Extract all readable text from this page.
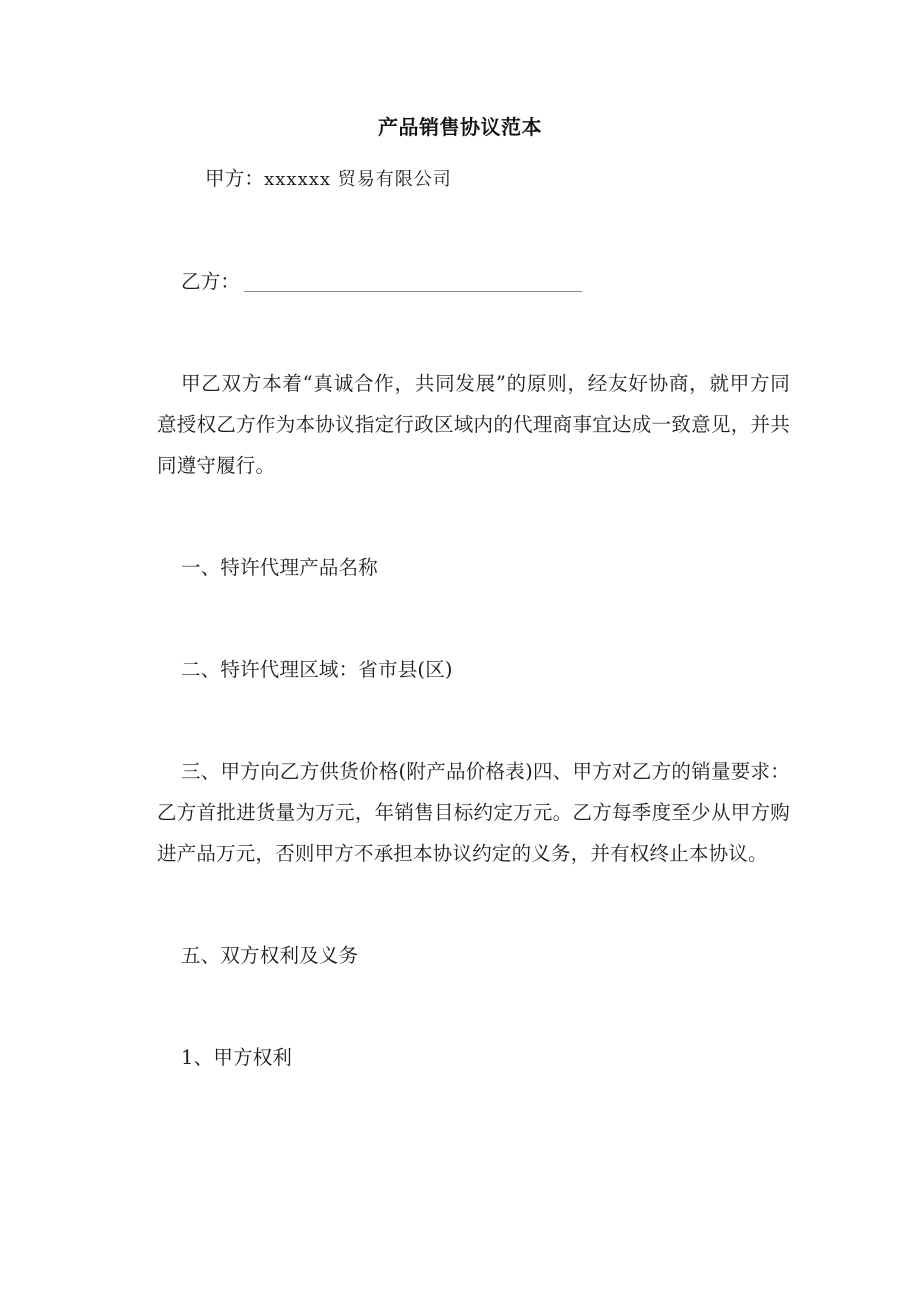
产品销售协议范本
甲方：xxxxxx 贸易有限公司
乙方：
甲乙双方本着“真诚合作，共同发展”的原则，经友好协商，就甲方同意授权乙方作为本协议指定行政区域内的代理商事宜达成一致意见，并共同遵守履行。
一、特许代理产品名称
二、特许代理区域：省市县(区)
三、甲方向乙方供货价格(附产品价格表)四、甲方对乙方的销量要求：乙方首批进货量为万元，年销售目标约定万元。乙方每季度至少从甲方购进产品万元，否则甲方不承担本协议约定的义务，并有权终止本协议。
五、双方权利及义务
1、甲方权利
